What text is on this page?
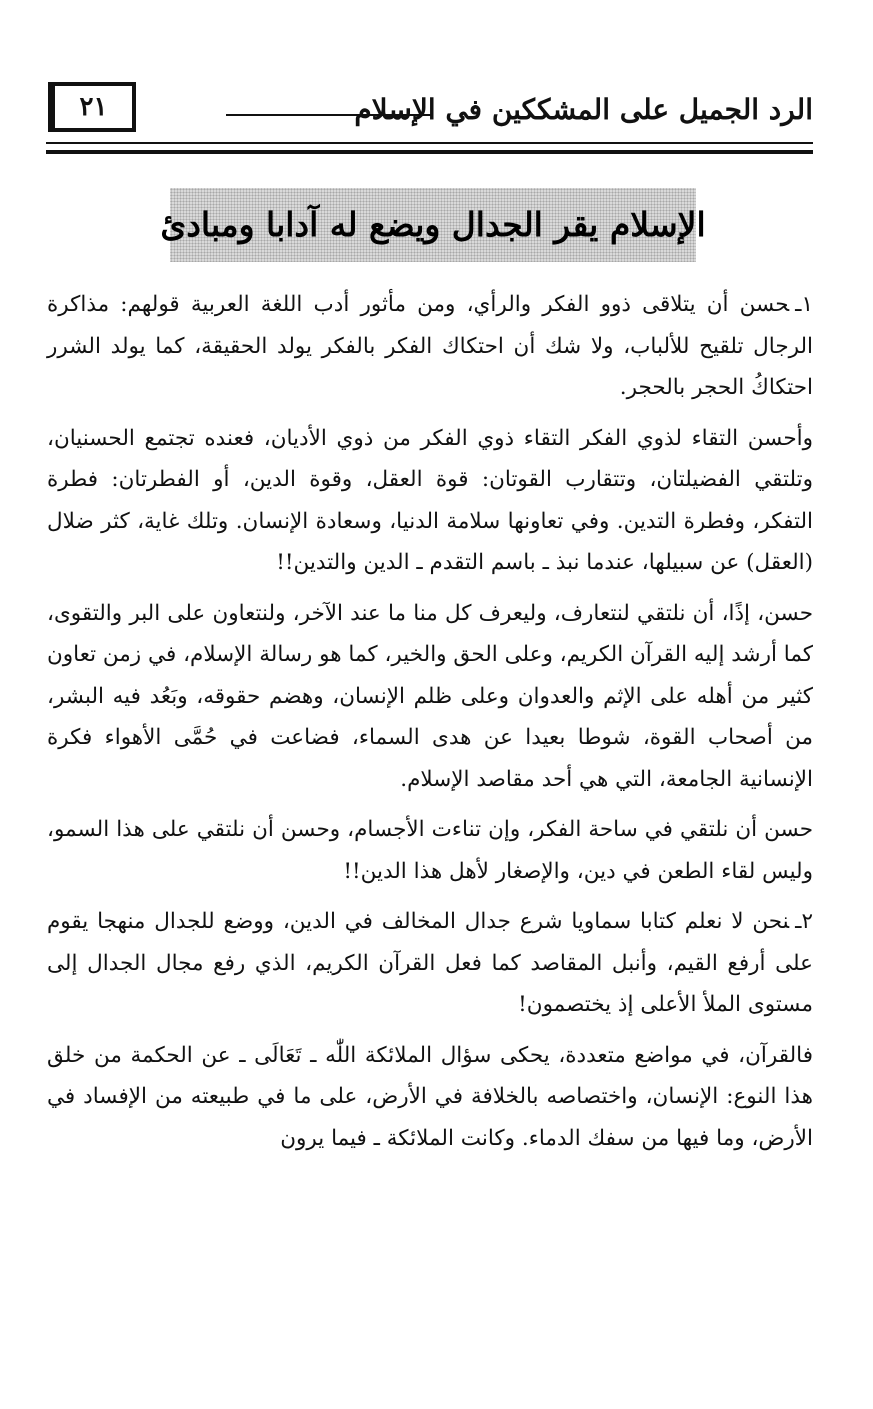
الرد الجميل على المشككين في الإسلام
٢١
الإسلام يقر الجدال ويضع له آدابا ومبادئ

١ـحسن أن يتلاقى ذوو الفكر والرأي، ومن مأثور أدب اللغة العربية قولهم: مذاكرة الرجال تلقيح للألباب، ولا شك أن احتكاك الفكر بالفكر يولد الحقيقة، كما يولد الشرر احتكاكُ الحجر بالحجر.

وأحسن التقاء لذوي الفكر التقاء ذوي الفكر من ذوي الأديان، فعنده تجتمع الحسنيان، وتلتقي الفضيلتان، وتتقارب القوتان: قوة العقل، وقوة الدين، أو الفطرتان: فطرة التفكر، وفطرة التدين. وفي تعاونها سلامة الدنيا، وسعادة الإنسان. وتلك غاية، كثر ضلال (العقل) عن سبيلها، عندما نبذ ـ باسم التقدم ـ الدين والتدين!!

حسن، إذًا، أن نلتقي لنتعارف، وليعرف كل منا ما عند الآخر، ولنتعاون على البر والتقوى، كما أرشد إليه القرآن الكريم، وعلى الحق والخير، كما هو رسالة الإسلام، في زمن تعاون كثير من أهله على الإثم والعدوان وعلى ظلم الإنسان، وهضم حقوقه، وبَعُد فيه البشر، من أصحاب القوة، شوطا بعيدا عن هدى السماء، فضاعت في حُمَّى الأهواء فكرة الإنسانية الجامعة، التي هي أحد مقاصد الإسلام.

حسن أن نلتقي في ساحة الفكر، وإن تناءت الأجسام، وحسن أن نلتقي على هذا السمو، وليس لقاء الطعن في دين، والإصغار لأهل هذا الدين!!

٢ـنحن لا نعلم كتابا سماويا شرع جدال المخالف في الدين، ووضع للجدال منهجا يقوم على أرفع القيم، وأنبل المقاصد كما فعل القرآن الكريم، الذي رفع مجال الجدال إلى مستوى الملأ الأعلى إذ يختصمون!

فالقرآن، في مواضع متعددة، يحكى سؤال الملائكة اللّٰه ـ تَعَالَى ـ عن الحكمة من خلق هذا النوع: الإنسان، واختصاصه بالخلافة في الأرض، على ما في طبيعته من الإفساد في الأرض، وما فيها من سفك الدماء. وكانت الملائكة ـ فيما يرون
